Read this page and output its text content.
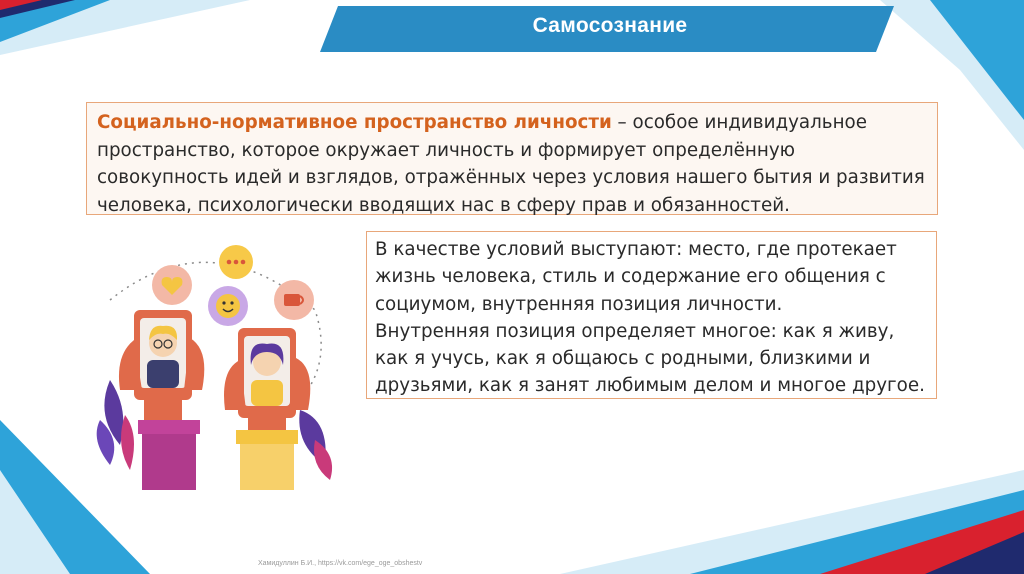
Самосознание
Социально-нормативное пространство личности – особое индивидуальное пространство, которое окружает личность и формирует определённую совокупность идей и взглядов, отражённых через условия нашего бытия и развития человека, психологически вводящих нас в сферу прав и обязанностей.
В качестве условий выступают: место, где протекает жизнь человека, стиль и содержание его общения с социумом, внутренняя позиция личности.
Внутренняя позиция определяет многое: как я живу, как я учусь, как я общаюсь с родными, близкими и друзьями, как я занят любимым делом и многое другое.
Хамидуллин Б.И., https://vk.com/ege_oge_obshestv
